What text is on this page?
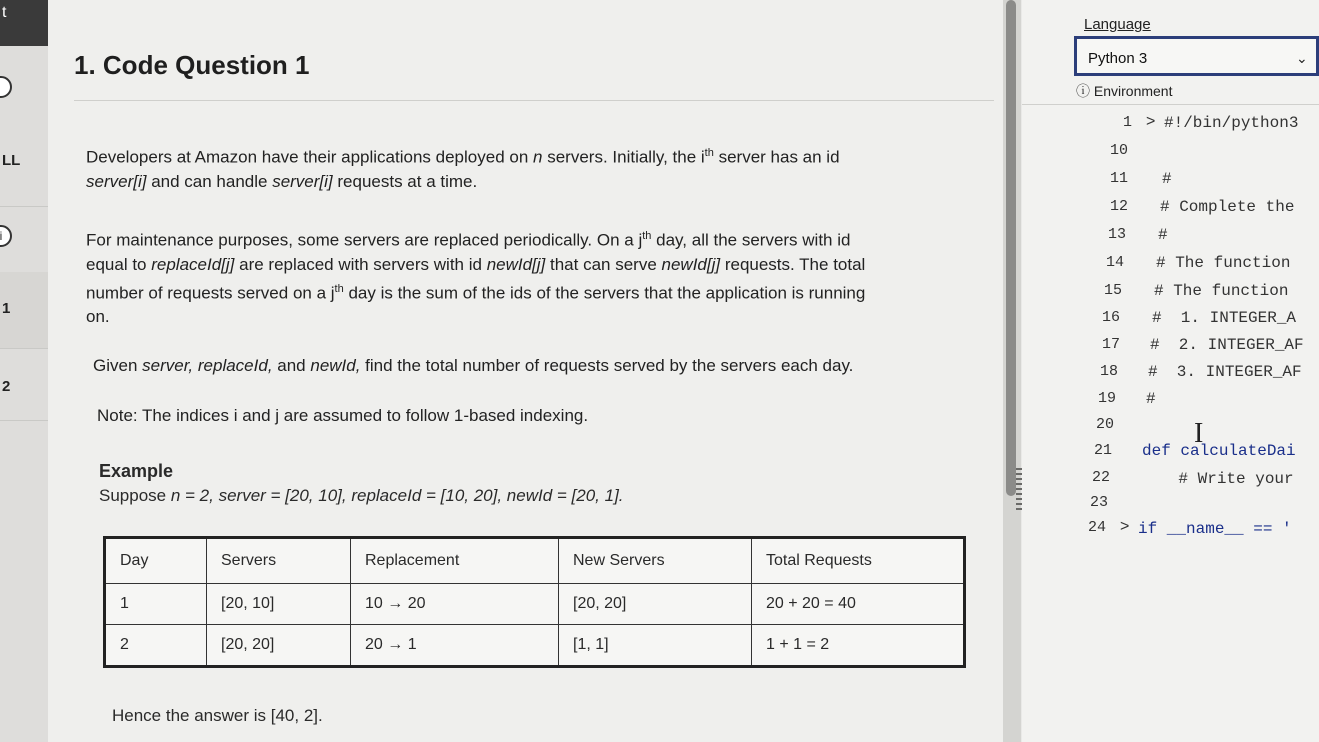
t
LL
i
1
2
1. Code Question 1
Developers at Amazon have their applications deployed on n servers. Initially, the $i^{th}$ server has an id
server[i] and can handle server[i] requests at a time.
For maintenance purposes, some servers are replaced periodically. On a $j^{th}$ day, all the servers with id
equal to replaceId[j] are replaced with servers with id newId[j] that can serve newId[j] requests. The total
number of requests served on a $j^{th}$ day is the sum of the ids of the servers that the application is running
on.
Given server, replaceId, and newId, find the total number of requests served by the servers each day.
Note: The indices i and j are assumed to follow 1-based indexing.
Example
Suppose n = 2, server = [20, 10], replaceId = [10, 20], newId = [20, 1].
Day	Servers	Replacement	New Servers	Total Requests
1	[20, 10]	10 → 20	[20, 20]	20 + 20 = 40
2	[20, 20]	20 → 1	[1, 1]	1 + 1 = 2
Hence the answer is [40, 2].
Language
Python 3	⌄
ⓘ Environment
1 > #!/bin/python3
10
11 #
12 # Complete the
13 #
14 # The function
15 # The function
16 #  1. INTEGER_A
17 #  2. INTEGER_AF
18 #  3. INTEGER_AF
19 #
20
21 def calculateDai
22 # Write your
23
24 > if __name__ == '
I
